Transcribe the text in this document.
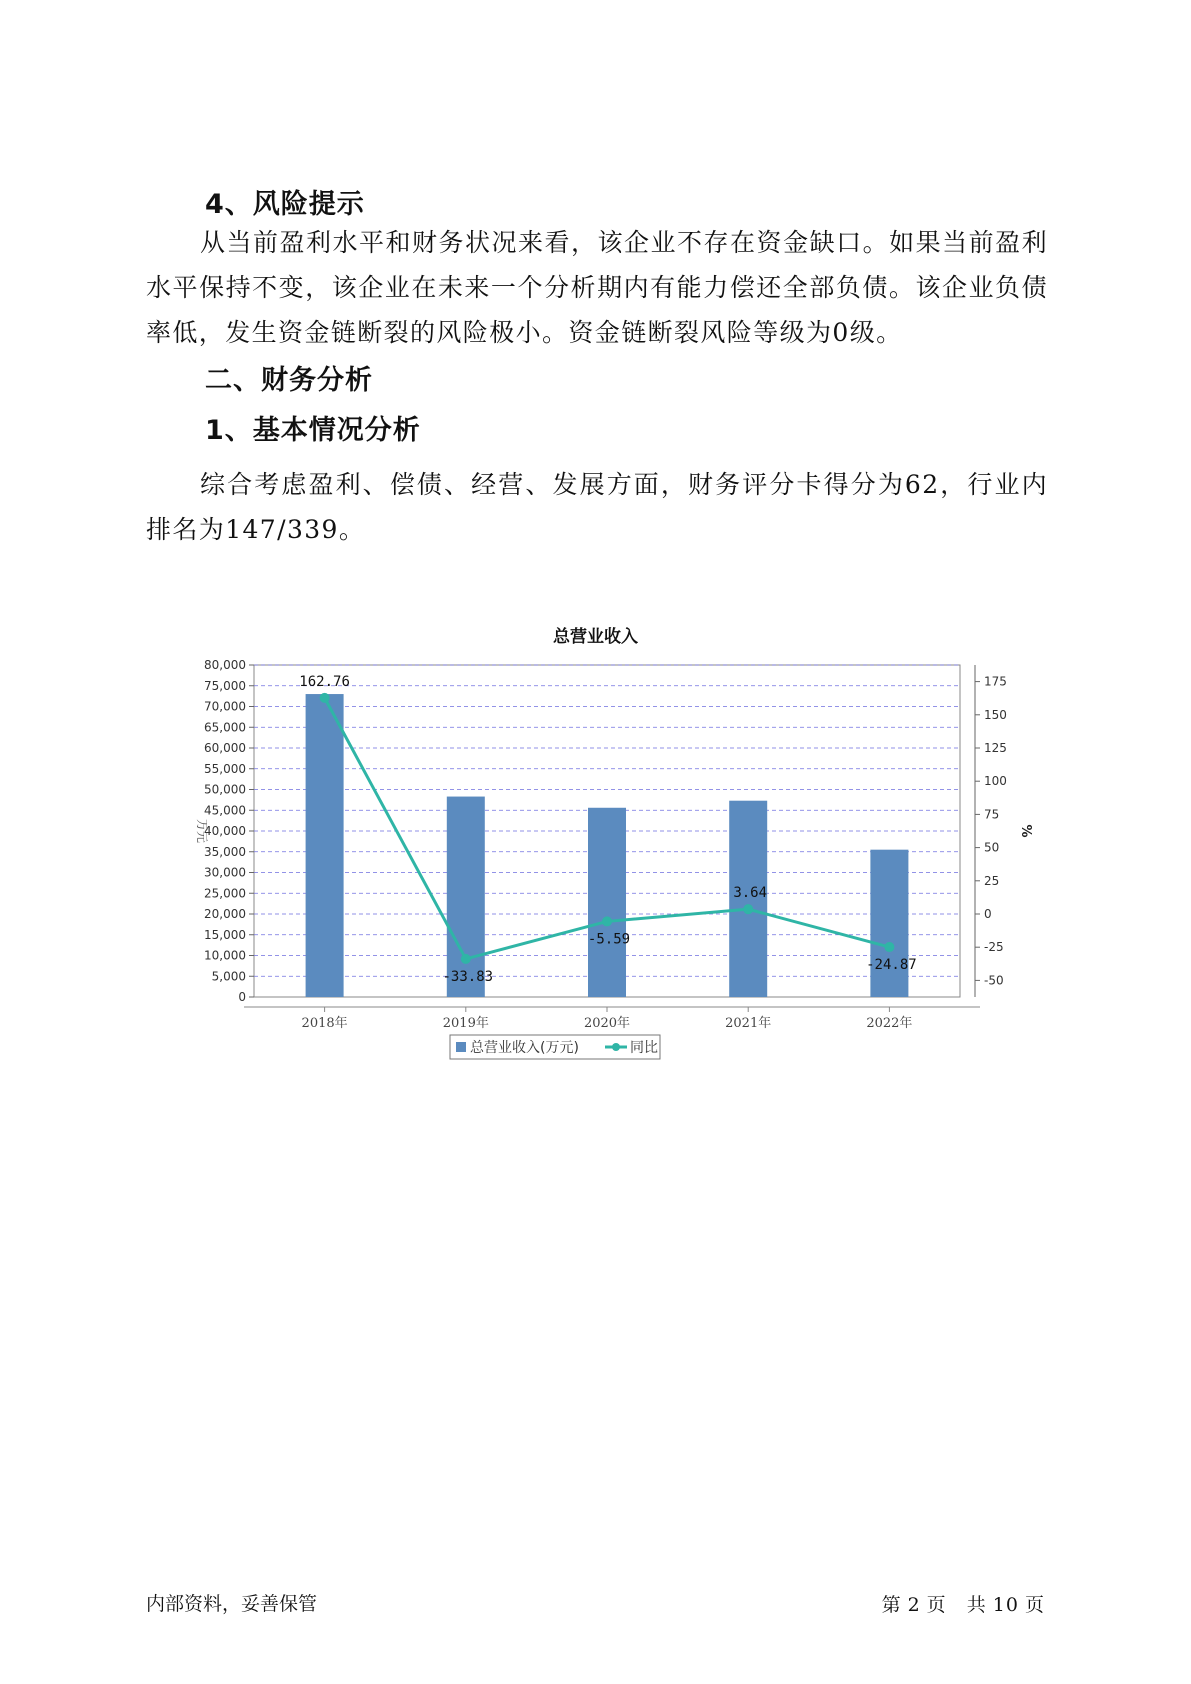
4、风险提示

从当前盈利水平和财务状况来看，该企业不存在资金缺口。如果当前盈利水平保持不变，该企业在未来一个分析期内有能力偿还全部负债。该企业负债率低，发生资金链断裂的风险极小。资金链断裂风险等级为0级。

二、财务分析
1、基本情况分析

综合考虑盈利、偿债、经营、发展方面，财务评分卡得分为62，行业内排名为147/339。

总营业收入
0
5,000
10,000
15,000
20,000
25,000
30,000
35,000
40,000
45,000
50,000
55,000
60,000
65,000
70,000
75,000
80,000
-50
-25
0
25
50
75
100
125
150
175
万元	%
2018年	2019年	2020年	2021年	2022年
162.76
-33.83
-5.59
3.64
-24.87
总营业收入(万元)	同比
内部资料，妥善保管	第 2 页 共 10 页
